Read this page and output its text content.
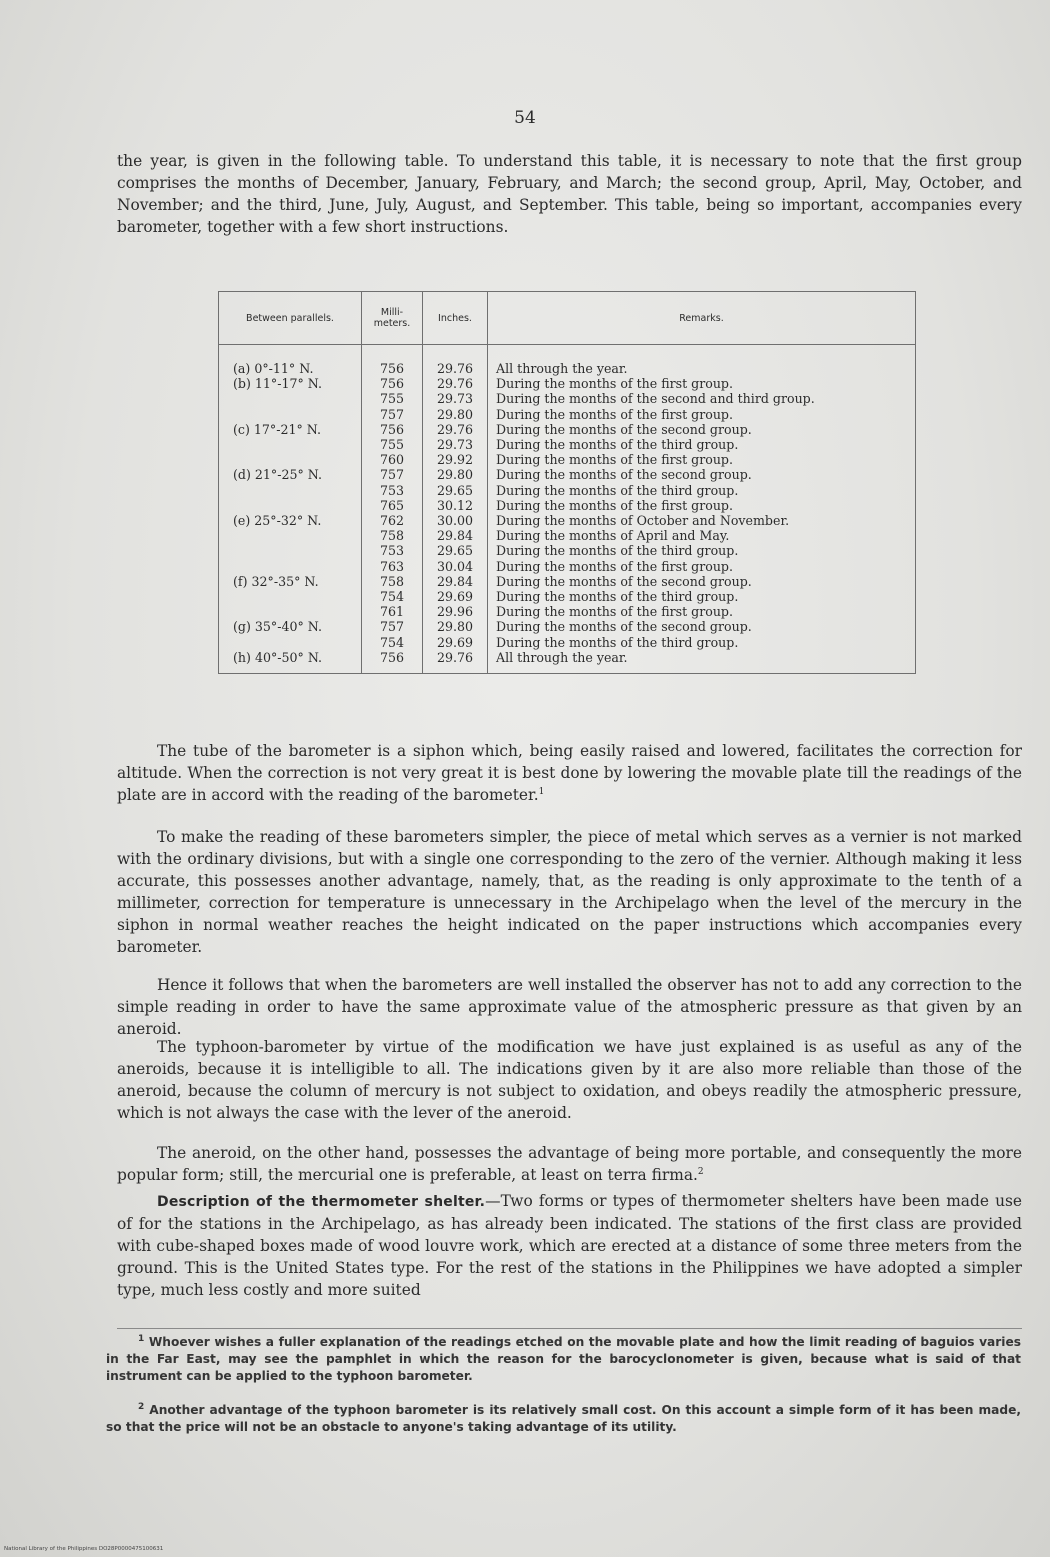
54

the year, is given in the following table. To understand this table, it is necessary to note that the first group comprises the months of December, January, February, and March; the second group, April, May, October, and November; and the third, June, July, August, and September. This table, being so important, accompanies every barometer, together with a few short instructions.

Between parallels.	Milli-meters.	Inches.	Remarks.
(a) 0°-11° N.	756	29.76	All through the year.
(b) 11°-17° N.	756	29.76	During the months of the first group.
	755	29.73	During the months of the second and third group.
	757	29.80	During the months of the first group.
(c) 17°-21° N.	756	29.76	During the months of the second group.
	755	29.73	During the months of the third group.
	760	29.92	During the months of the first group.
(d) 21°-25° N.	757	29.80	During the months of the second group.
	753	29.65	During the months of the third group.
	765	30.12	During the months of the first group.
(e) 25°-32° N.	762	30.00	During the months of October and November.
	758	29.84	During the months of April and May.
	753	29.65	During the months of the third group.
	763	30.04	During the months of the first group.
(f) 32°-35° N.	758	29.84	During the months of the second group.
	754	29.69	During the months of the third group.
	761	29.96	During the months of the first group.
(g) 35°-40° N.	757	29.80	During the months of the second group.
	754	29.69	During the months of the third group.
(h) 40°-50° N.	756	29.76	All through the year.

The tube of the barometer is a siphon which, being easily raised and lowered, facilitates the correction for altitude. When the correction is not very great it is best done by lowering the movable plate till the readings of the plate are in accord with the reading of the barometer.$^1$

To make the reading of these barometers simpler, the piece of metal which serves as a vernier is not marked with the ordinary divisions, but with a single one corresponding to the zero of the vernier. Although making it less accurate, this possesses another advantage, namely, that, as the reading is only approximate to the tenth of a millimeter, correction for temperature is unnecessary in the Archipelago when the level of the mercury in the siphon in normal weather reaches the height indicated on the paper instructions which accompanies every barometer.

Hence it follows that when the barometers are well installed the observer has not to add any correction to the simple reading in order to have the same approximate value of the atmospheric pressure as that given by an aneroid.

The typhoon-barometer by virtue of the modification we have just explained is as useful as any of the aneroids, because it is intelligible to all. The indications given by it are also more reliable than those of the aneroid, because the column of mercury is not subject to oxidation, and obeys readily the atmospheric pressure, which is not always the case with the lever of the aneroid.

The aneroid, on the other hand, possesses the advantage of being more portable, and consequently the more popular form; still, the mercurial one is preferable, at least on terra firma.$^2$

Description of the thermometer shelter.—Two forms or types of thermometer shelters have been made use of for the stations in the Archipelago, as has already been indicated. The stations of the first class are provided with cube-shaped boxes made of wood louvre work, which are erected at a distance of some three meters from the ground. This is the United States type. For the rest of the stations in the Philippines we have adopted a simpler type, much less costly and more suited

$^1$ Whoever wishes a fuller explanation of the readings etched on the movable plate and how the limit reading of baguios varies in the Far East, may see the pamphlet in which the reason for the barocyclonometer is given, because what is said of that instrument can be applied to the typhoon barometer.

$^2$ Another advantage of the typhoon barometer is its relatively small cost. On this account a simple form of it has been made, so that the price will not be an obstacle to anyone's taking advantage of its utility.

National Library of the Philippines DO28P0000475100631
